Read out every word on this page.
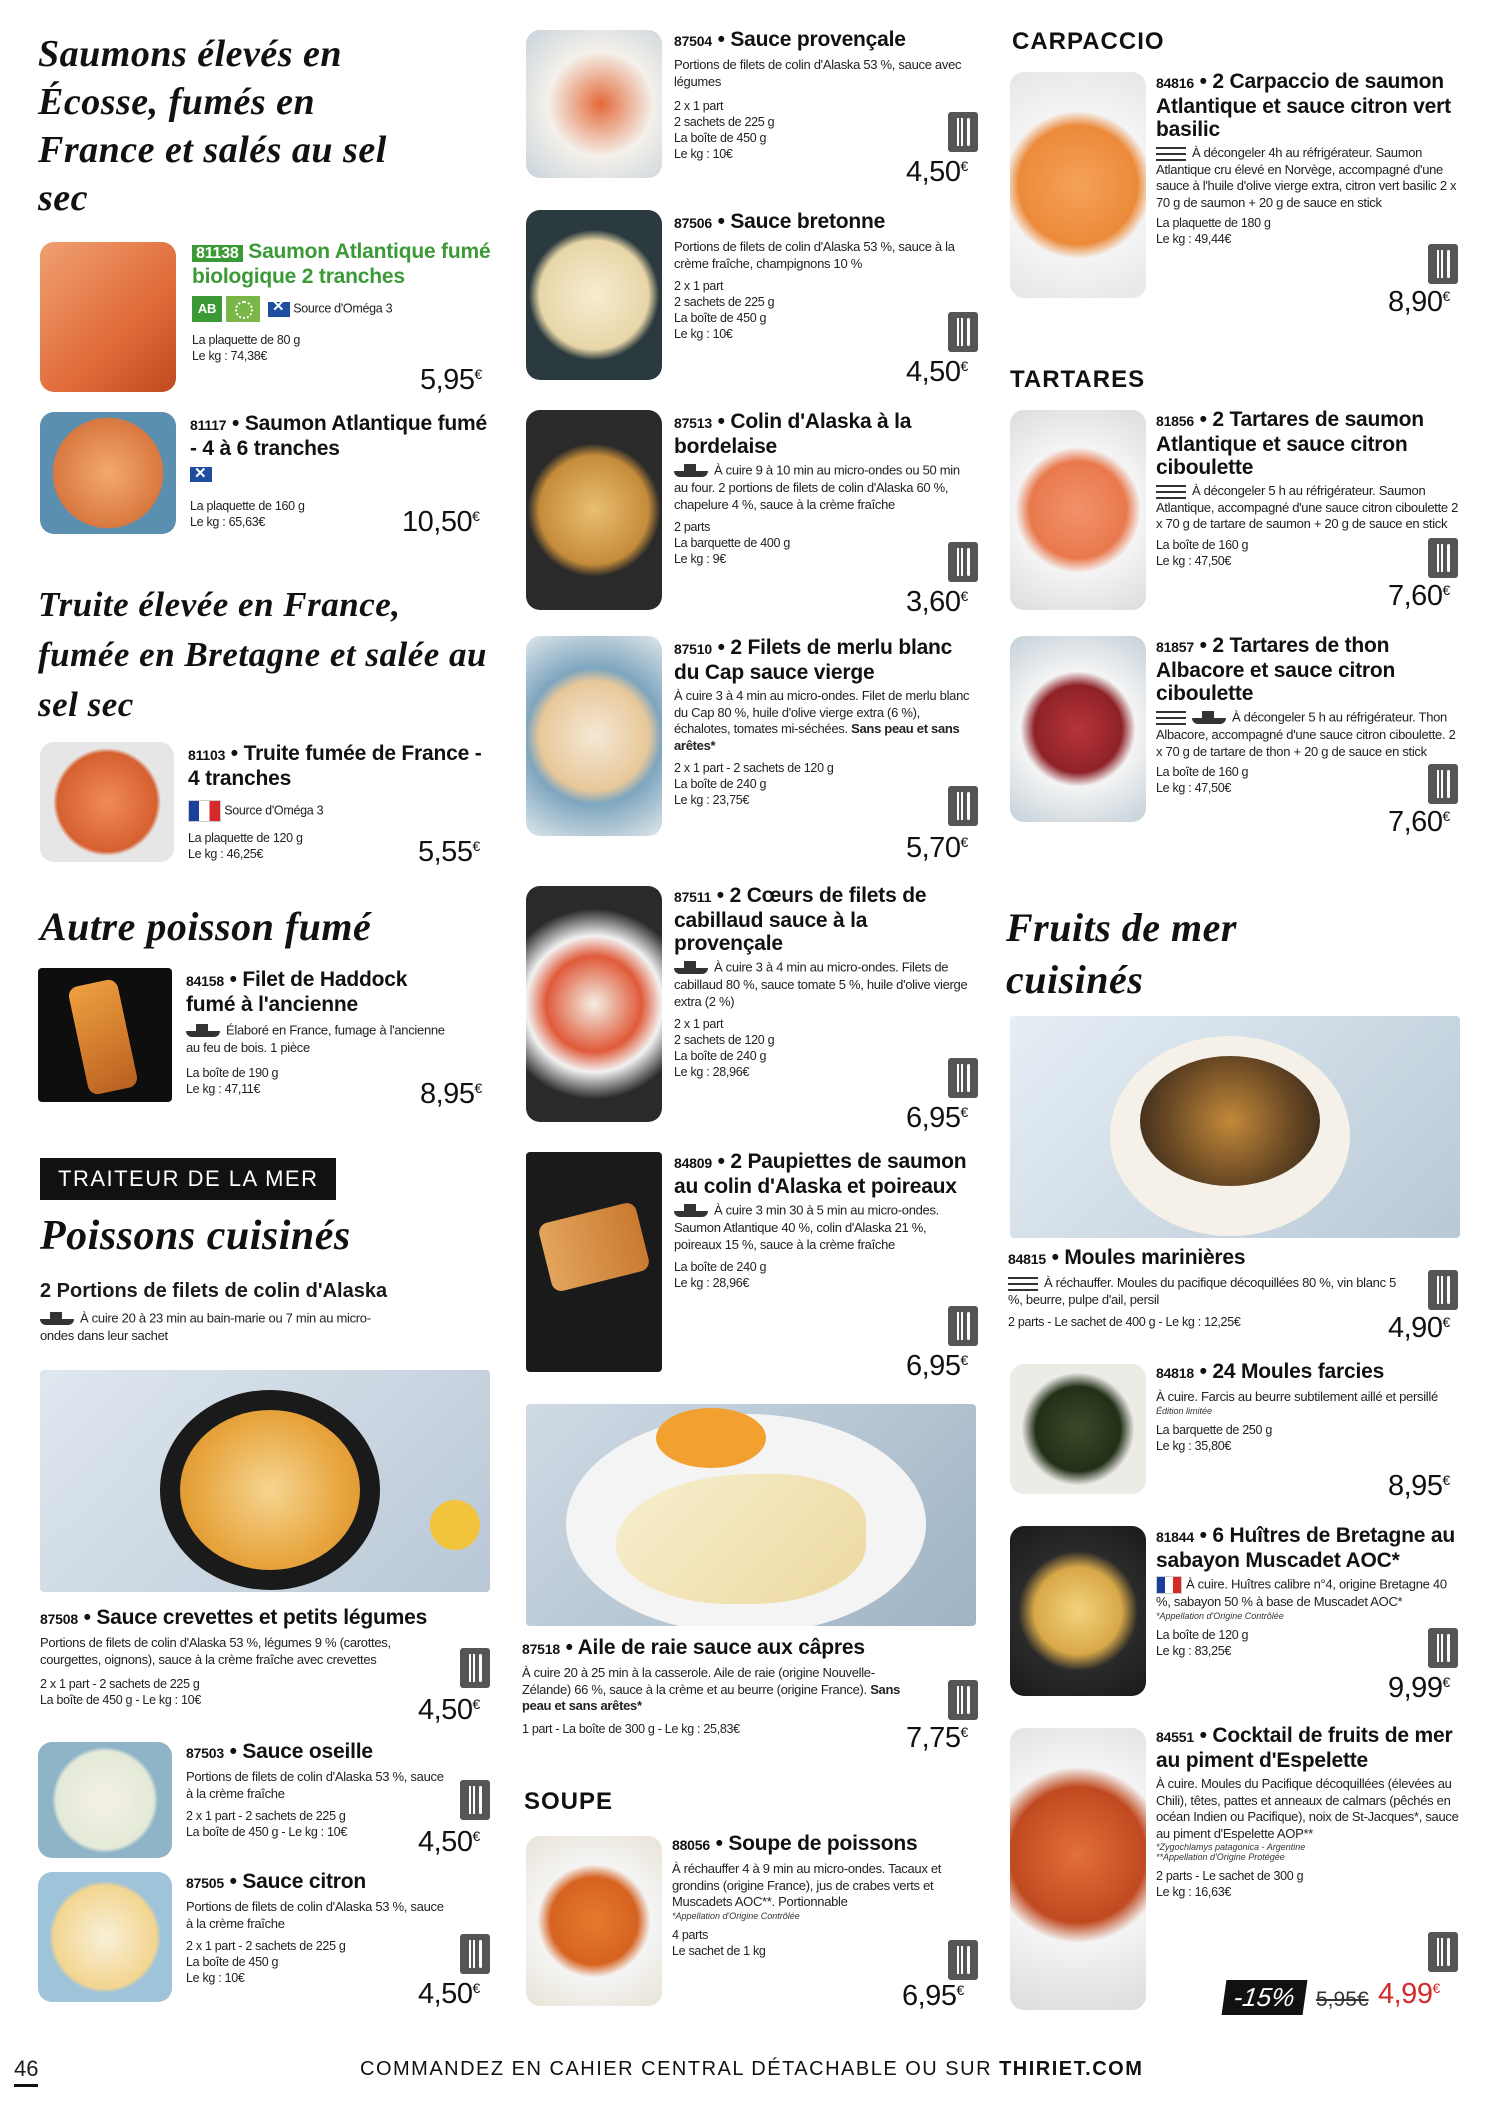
Saumons élevés en Écosse, fumés en France et salés au sel sec
81138 Saumon Atlantique fumé biologique 2 tranches
AB✕	Source d'Oméga 3
La plaquette de 80 g
Le kg : 74,38€
5,95€
81117 • Saumon Atlantique fumé - 4 à 6 tranches
✕
La plaquette de 160 g
Le kg : 65,63€	10,50€
Truite élevée en France, fumée en Bretagne et salée au sel sec
81103 • Truite fumée de France - 4 tranches
Source d'Oméga 3
La plaquette de 120 g
Le kg : 46,25€	5,55€
Autre poisson fumé
84158 • Filet de Haddock fumé à l'ancienne
Élaboré en France, fumage à l'ancienne au feu de bois. 1 pièce
La boîte de 190 g
Le kg : 47,11€	8,95€
TRAITEUR DE LA MER
Poissons cuisinés
2 Portions de filets de colin d'Alaska
À cuire 20 à 23 min au bain-marie ou 7 min au micro-ondes dans leur sachet
87508 • Sauce crevettes et petits légumes
Portions de filets de colin d'Alaska 53 %, légumes 9 % (carottes, courgettes, oignons), sauce à la crème fraîche avec crevettes
2 x 1 part - 2 sachets de 225 g
La boîte de 450 g - Le kg : 10€	4,50€
87503 • Sauce oseille
Portions de filets de colin d'Alaska 53 %, sauce à la crème fraîche
2 x 1 part - 2 sachets de 225 g
La boîte de 450 g - Le kg : 10€	4,50€
87505 • Sauce citron
Portions de filets de colin d'Alaska 53 %, sauce à la crème fraîche
2 x 1 part - 2 sachets de 225 g
La boîte de 450 g
Le kg : 10€	4,50€
87504 • Sauce provençale
Portions de filets de colin d'Alaska 53 %, sauce avec légumes
2 x 1 part
2 sachets de 225 g
La boîte de 450 g
Le kg : 10€
4,50€
87506 • Sauce bretonne
Portions de filets de colin d'Alaska 53 %, sauce à la crème fraîche, champignons 10 %
2 x 1 part
2 sachets de 225 g
La boîte de 450 g
Le kg : 10€
4,50€
87513 • Colin d'Alaska à la bordelaise
À cuire 9 à 10 min au micro-ondes ou 50 min au four. 2 portions de filets de colin d'Alaska 60 %, chapelure 4 %, sauce à la crème fraîche
2 parts
La barquette de 400 g
Le kg : 9€
3,60€
87510 • 2 Filets de merlu blanc du Cap sauce vierge
À cuire 3 à 4 min au micro-ondes. Filet de merlu blanc du Cap 80 %, huile d'olive vierge extra (6 %), échalotes, tomates mi-séchées. Sans peau et sans arêtes*
2 x 1 part - 2 sachets de 120 g
La boîte de 240 g
Le kg : 23,75€
5,70€
87511 • 2 Cœurs de filets de cabillaud sauce à la provençale
À cuire 3 à 4 min au micro-ondes. Filets de cabillaud 80 %, sauce tomate 5 %, huile d'olive vierge extra (2 %)
2 x 1 part
2 sachets de 120 g
La boîte de 240 g
Le kg : 28,96€
6,95€
84809 • 2 Paupiettes de saumon au colin d'Alaska et poireaux
À cuire 3 min 30 à 5 min au micro-ondes. Saumon Atlantique 40 %, colin d'Alaska 21 %, poireaux 15 %, sauce à la crème fraîche
La boîte de 240 g
Le kg : 28,96€
6,95€
87518 • Aile de raie sauce aux câpres
À cuire 20 à 25 min à la casserole. Aile de raie (origine Nouvelle-Zélande) 66 %, sauce à la crème et au beurre (origine France). Sans peau et sans arêtes*
1 part - La boîte de 300 g - Le kg : 25,83€	7,75€
SOUPE
88056 • Soupe de poissons
À réchauffer 4 à 9 min au micro-ondes. Tacaux et grondins (origine France), jus de crabes verts et Muscadets AOC**. Portionnable
*Appellation d'Origine Contrôlée
4 parts
Le sachet de 1 kg
6,95€
CARPACCIO
84816 • 2 Carpaccio de saumon Atlantique et sauce citron vert basilic
À décongeler 4h au réfrigérateur. Saumon Atlantique cru élevé en Norvège, accompagné d'une sauce à l'huile d'olive vierge extra, citron vert basilic 2 x 70 g de saumon + 20 g de sauce en stick
La plaquette de 180 g
Le kg : 49,44€
8,90€
TARTARES
81856 • 2 Tartares de saumon Atlantique et sauce citron ciboulette
À décongeler 5 h au réfrigérateur. Saumon Atlantique, accompagné d'une sauce citron ciboulette 2 x 70 g de tartare de saumon + 20 g de sauce en stick
La boîte de 160 g
Le kg : 47,50€
7,60€
81857 • 2 Tartares de thon Albacore et sauce citron ciboulette
À décongeler 5 h au réfrigérateur. Thon Albacore, accompagné d'une sauce citron ciboulette. 2 x 70 g de tartare de thon + 20 g de sauce en stick
La boîte de 160 g
Le kg : 47,50€
7,60€
Fruits de mer cuisinés
84815 • Moules marinières
À réchauffer. Moules du pacifique décoquillées 80 %, vin blanc 5 %, beurre, pulpe d'ail, persil
2 parts - Le sachet de 400 g - Le kg : 12,25€	4,90€
84818 • 24 Moules farcies
À cuire. Farcis au beurre subtilement aillé et persillé
Édition limitée
La barquette de 250 g
Le kg : 35,80€
8,95€
81844 • 6 Huîtres de Bretagne au sabayon Muscadet AOC*
À cuire. Huîtres calibre n°4, origine Bretagne 40 %, sabayon 50 % à base de Muscadet AOC*
*Appellation d'Origine Contrôlée
La boîte de 120 g
Le kg : 83,25€
9,99€
84551 • Cocktail de fruits de mer au piment d'Espelette
À cuire. Moules du Pacifique décoquillées (élevées au Chili), têtes, pattes et anneaux de calmars (pêchés en océan Indien ou Pacifique), noix de St-Jacques*, sauce au piment d'Espelette AOP**
*Zygochlamys patagonica - Argentine
**Appellation d'Origine Protégée
2 parts - Le sachet de 300 g
Le kg : 16,63€
-15% 5,95€ 4,99€
46	COMMANDEZ EN CAHIER CENTRAL DÉTACHABLE OU SUR THIRIET.COM
